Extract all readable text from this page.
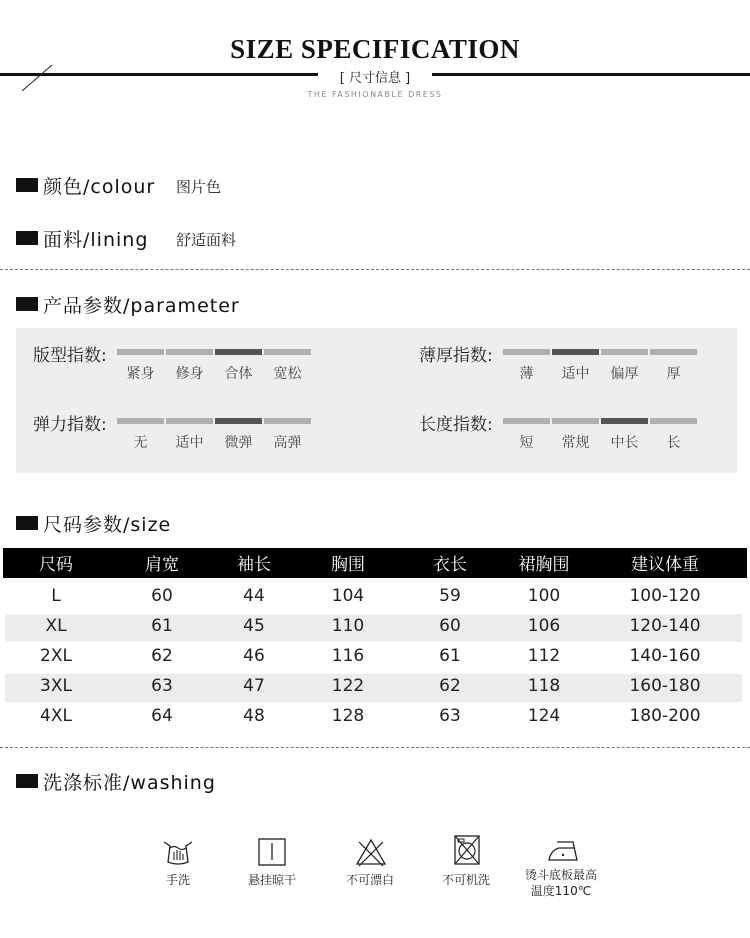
SIZE SPECIFICATION
[ 尺寸信息 ]
THE FASHIONABLE DRESS
颜色/colour 图片色
面料/lining 舒适面料
产品参数/parameter
版型指数:
紧身	修身	合体	宽松
薄厚指数:
薄	适中	偏厚	厚
弹力指数:
无	适中	微弹	高弹
长度指数:
短	常规	中长	长
尺码参数/size
尺码	肩宽	袖长	胸围	衣长	裙胸围	建议体重
L	60	44	104	59	100	100-120
XL	61	45	110	60	106	120-140
2XL	62	46	116	61	112	140-160
3XL	63	47	122	62	118	160-180
4XL	64	48	128	63	124	180-200
洗涤标准/washing
手洗	悬挂晾干	不可漂白	不可机洗	烫斗底板最高
温度110℃
